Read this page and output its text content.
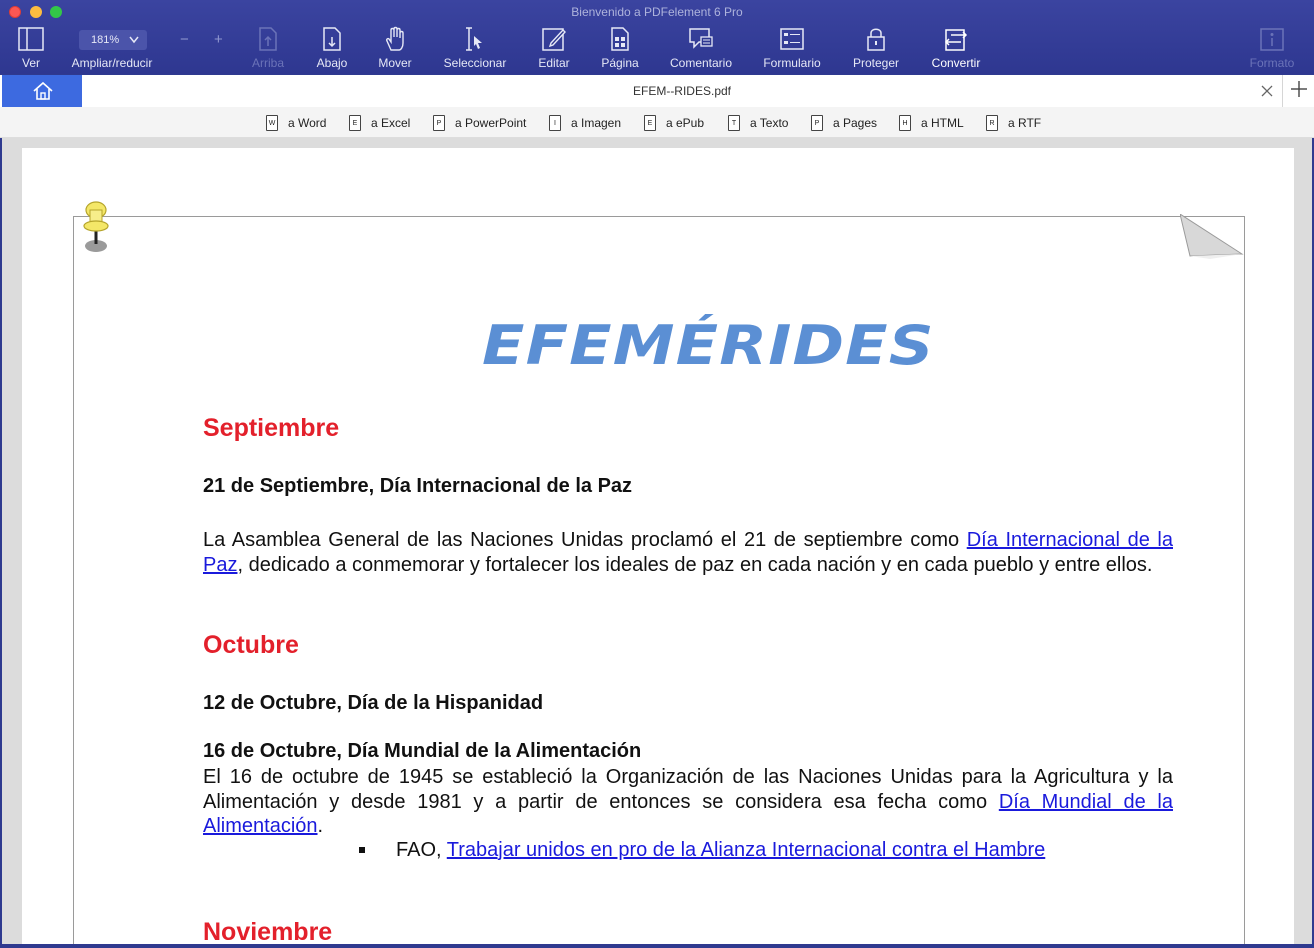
Bienvenido a PDFelement 6 Pro
Ver
181%	− +
Ampliar/reducir	Arriba	Abajo	Mover	Seleccionar	Editar	Página	Comentario	Formulario	Proteger	Convertir	Formato
EFEM--RIDES.pdf
W a Word	E	a Excel	P	a PowerPoint	I	a Imagen	E	a ePub	T	a Texto	P	a Pages	H a HTML	R a RTF
EFEMÉRIDES
Septiembre
21 de Septiembre, Día Internacional de la Paz
La Asamblea General de las Naciones Unidas proclamó el 21 de septiembre como Día Internacional de la Paz, dedicado a conmemorar y fortalecer los ideales de paz en cada nación y en cada pueblo y entre ellos.
Octubre
12 de Octubre, Día de la Hispanidad
16 de Octubre, Día Mundial de la Alimentación
El 16 de octubre de 1945 se estableció la Organización de las Naciones Unidas para la Agricultura y la Alimentación y desde 1981 y a partir de entonces se considera esa fecha como Día Mundial de la Alimentación.
FAO, Trabajar unidos en pro de la Alianza Internacional contra el Hambre
Noviembre
